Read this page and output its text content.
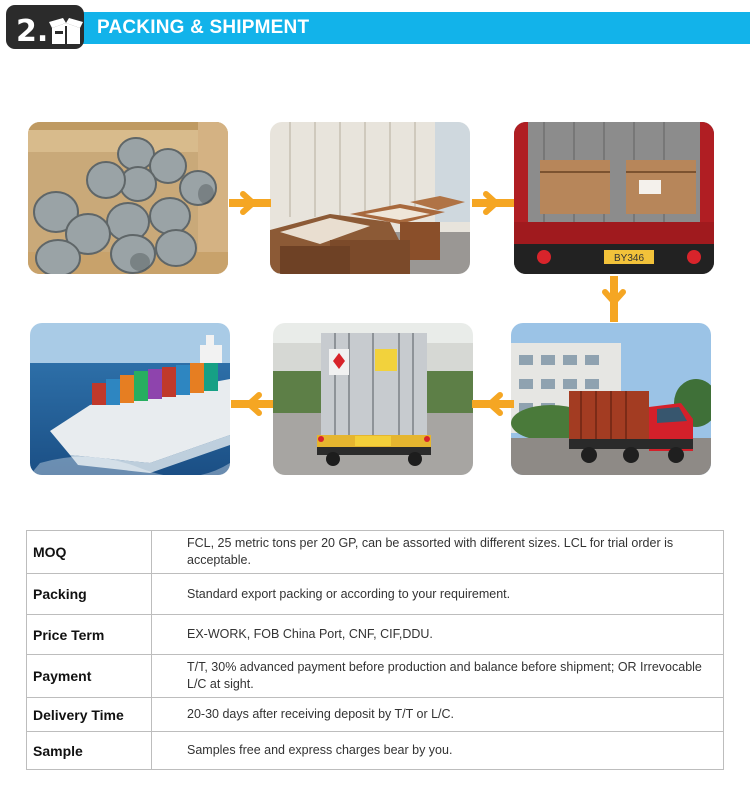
PACKING & SHIPMENT
2.
BY346
MOQ	FCL, 25 metric tons per 20 GP, can be assorted with different sizes. LCL for trial order is acceptable.
Packing	Standard export packing or according to your requirement.
Price Term	EX-WORK, FOB China Port, CNF, CIF,DDU.
Payment	T/T, 30% advanced payment before production and balance before shipment; OR Irrevocable L/C at sight.
Delivery Time	20-30 days after receiving deposit by T/T or L/C.
Sample	Samples free and express charges bear by you.
